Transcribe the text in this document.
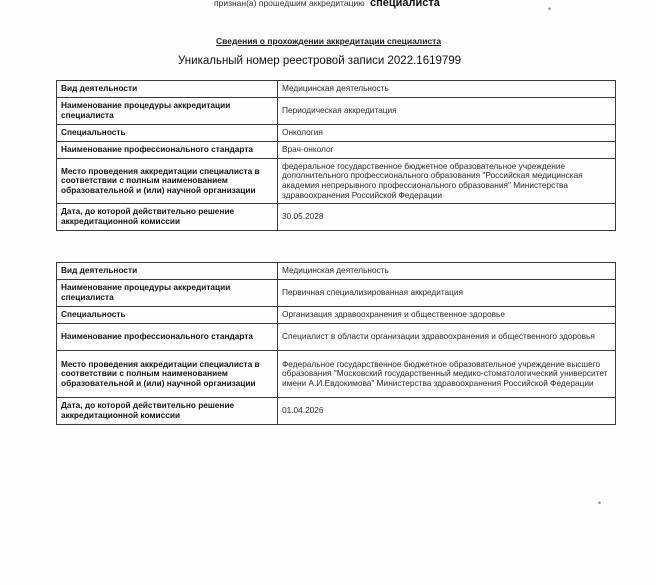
признан(а) прошедшим аккредитацию специалиста
Сведения о прохождении аккредитации специалиста
Уникальный номер реестровой записи 2022.1619799
Вид деятельности	Медицинская деятельность
Наименование процедуры аккредитации специалиста	Периодическая аккредитация
Специальность	Онкология
Наименование профессионального стандарта	Врач-онколог
Место проведения аккредитации специалиста в соответствии с полным наименованием образовательной и (или) научной организации	федеральное государственное бюджетное образовательное учреждение дополнительного профессионального образования "Российская медицинская академия непрерывного профессионального образования" Министерства здравоохранения Российской Федерации
Дата, до которой действительно решение аккредитационной комиссии	30.05.2028
Вид деятельности	Медицинская деятельность
Наименование процедуры аккредитации специалиста	Первичная специализированная аккредитация
Специальность	Организация здравоохранения и общественное здоровье
Наименование профессионального стандарта	Специалист в области организации здравоохранения и общественного здоровья
Место проведения аккредитации специалиста в соответствии с полным наименованием образовательной и (или) научной организации	Федеральное государственное бюджетное образовательное учреждение высшего образования "Московский государственный медико-стоматологический университет имени А.И.Евдокимова" Министерства здравоохранения Российской Федерации
Дата, до которой действительно решение аккредитационной комиссии	01.04.2026
•
•
